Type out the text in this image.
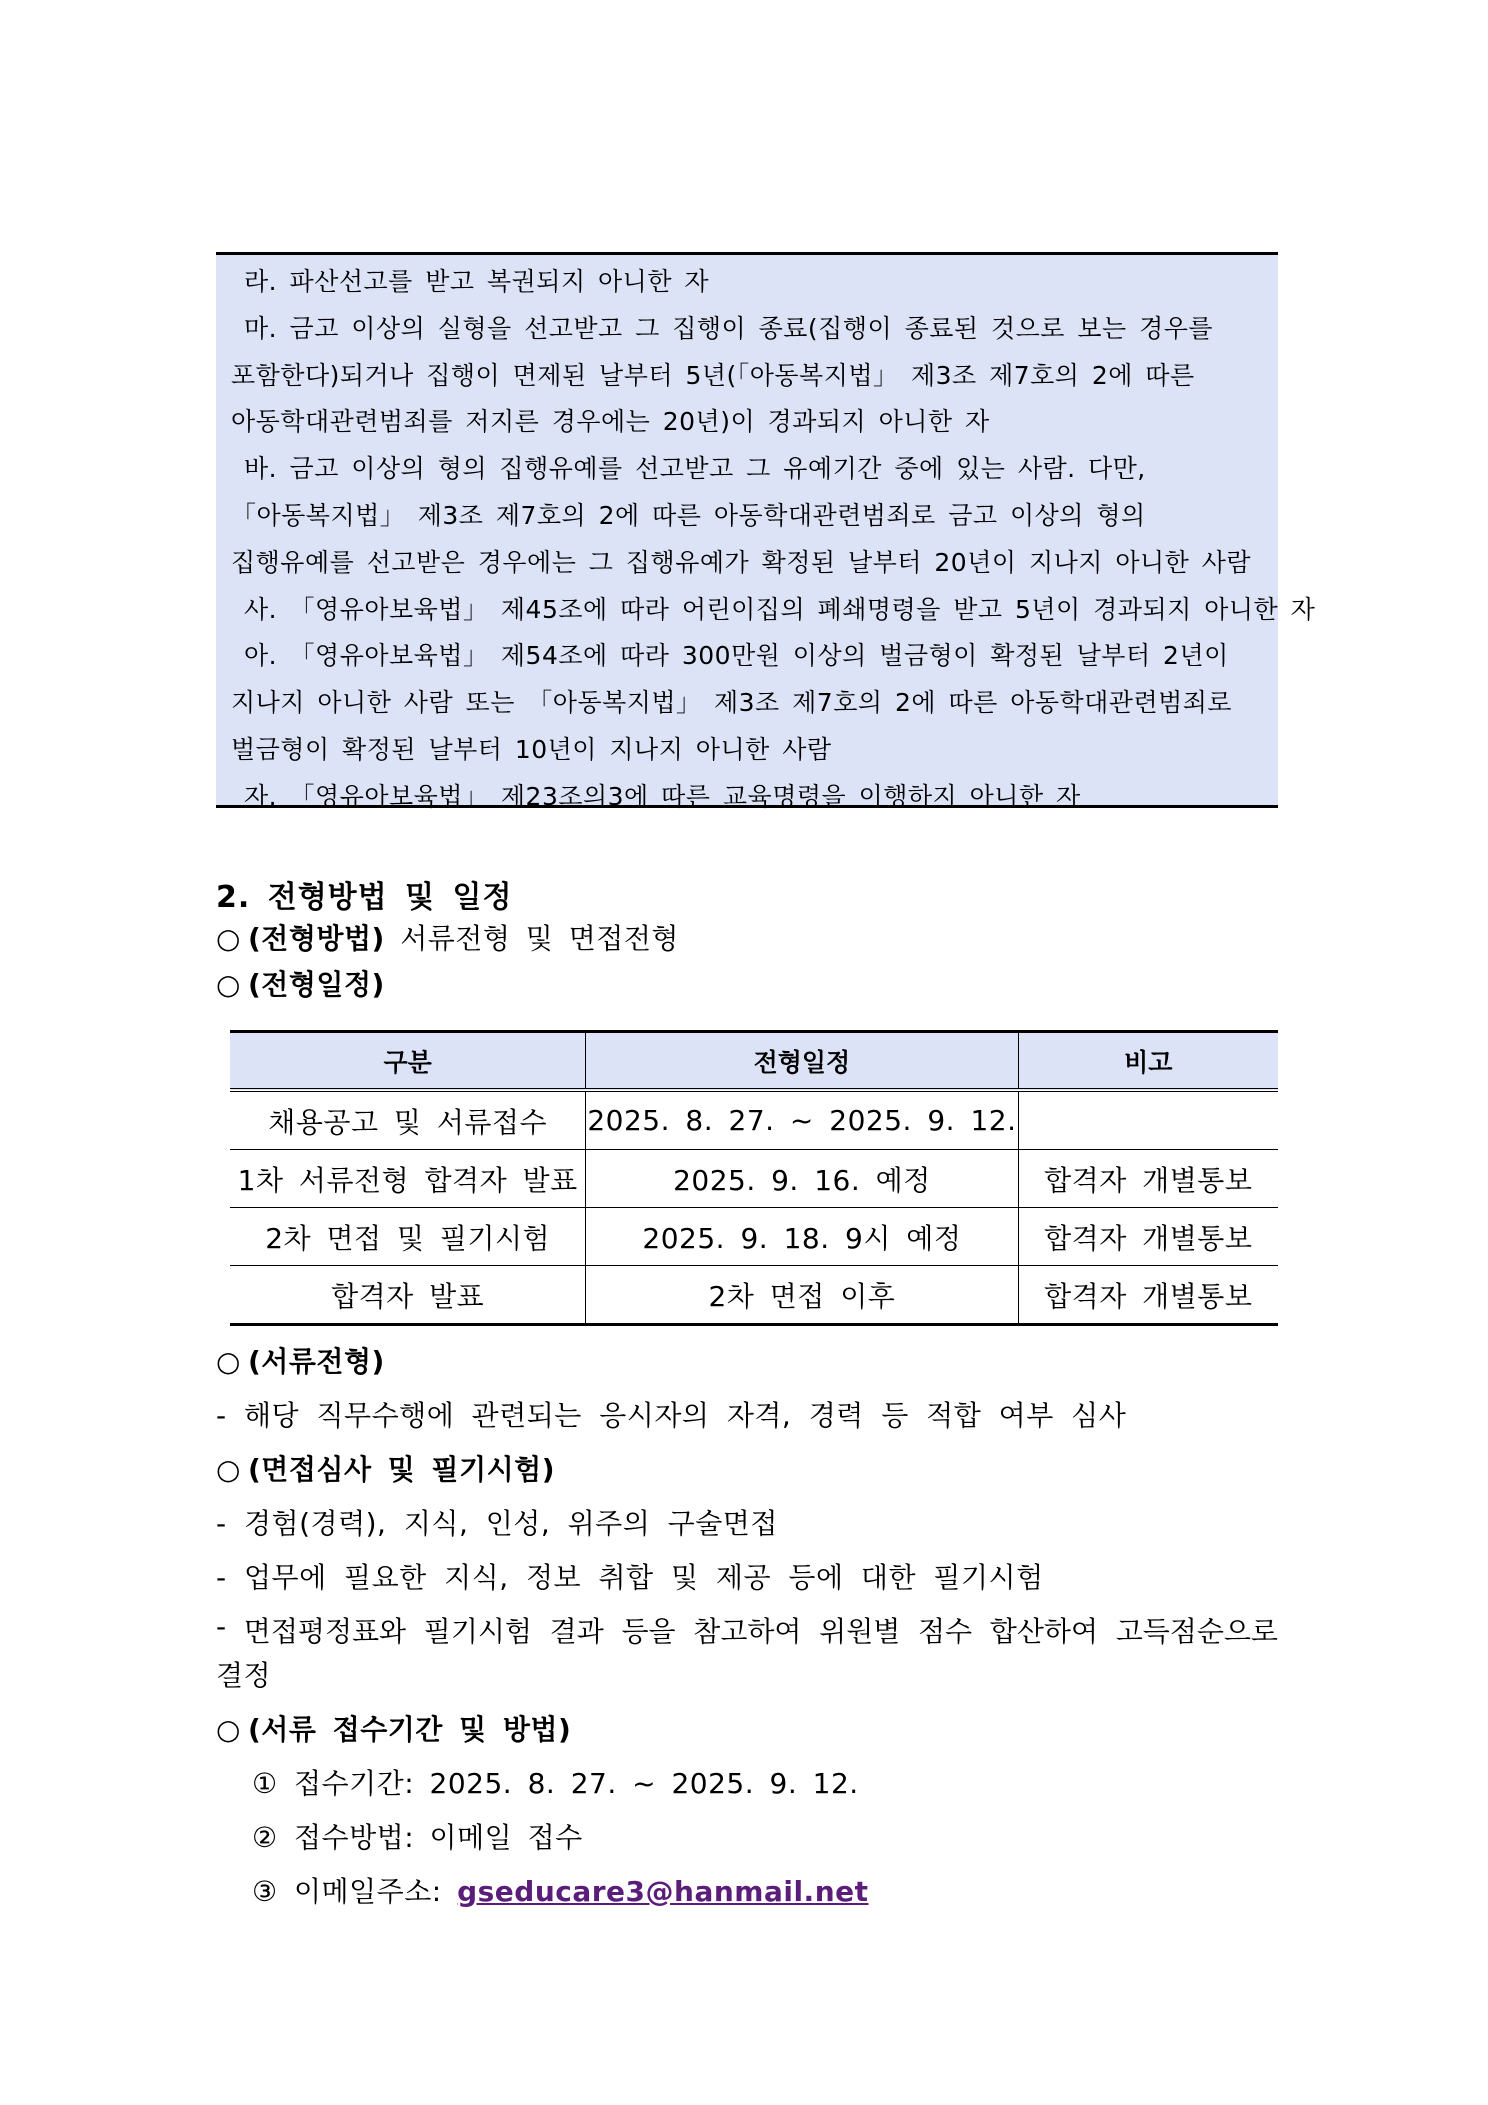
라. 파산선고를 받고 복권되지 아니한 자
마. 금고 이상의 실형을 선고받고 그 집행이 종료(집행이 종료된 것으로 보는 경우를
포함한다)되거나 집행이 면제된 날부터 5년(「아동복지법」 제3조 제7호의 2에 따른
아동학대관련범죄를 저지른 경우에는 20년)이 경과되지 아니한 자
바. 금고 이상의 형의 집행유예를 선고받고 그 유예기간 중에 있는 사람. 다만,
「아동복지법」 제3조 제7호의 2에 따른 아동학대관련범죄로 금고 이상의 형의
집행유예를 선고받은 경우에는 그 집행유예가 확정된 날부터 20년이 지나지 아니한 사람
사. 「영유아보육법」 제45조에 따라 어린이집의 폐쇄명령을 받고 5년이 경과되지 아니한 자
아. 「영유아보육법」 제54조에 따라 300만원 이상의 벌금형이 확정된 날부터 2년이
지나지 아니한 사람 또는 「아동복지법」 제3조 제7호의 2에 따른 아동학대관련범죄로
벌금형이 확정된 날부터 10년이 지나지 아니한 사람
자. 「영유아보육법」 제23조의3에 따른 교육명령을 이행하지 아니한 자
2. 전형방법 및 일정
○ (전형방법) 서류전형 및 면접전형
○ (전형일정)
구분	전형일정	비고
채용공고 및 서류접수	2025. 8. 27. ~ 2025. 9. 12.	
1차 서류전형 합격자 발표	2025. 9. 16. 예정	합격자 개별통보
2차 면접 및 필기시험	2025. 9. 18. 9시 예정	합격자 개별통보
합격자 발표	2차 면접 이후	합격자 개별통보
○ (서류전형)
- 해당 직무수행에 관련되는 응시자의 자격, 경력 등 적합 여부 심사
○ (면접심사 및 필기시험)
- 경험(경력), 지식, 인성, 위주의 구술면접
- 업무에 필요한 지식, 정보 취합 및 제공 등에 대한 필기시험
- 면접평정표와 필기시험 결과 등을 참고하여 위원별 점수 합산하여 고득점순으로
결정
○ (서류 접수기간 및 방법)
① 접수기간: 2025. 8. 27. ~ 2025. 9. 12.
② 접수방법: 이메일 접수
③ 이메일주소: gseducare3@hanmail.net
